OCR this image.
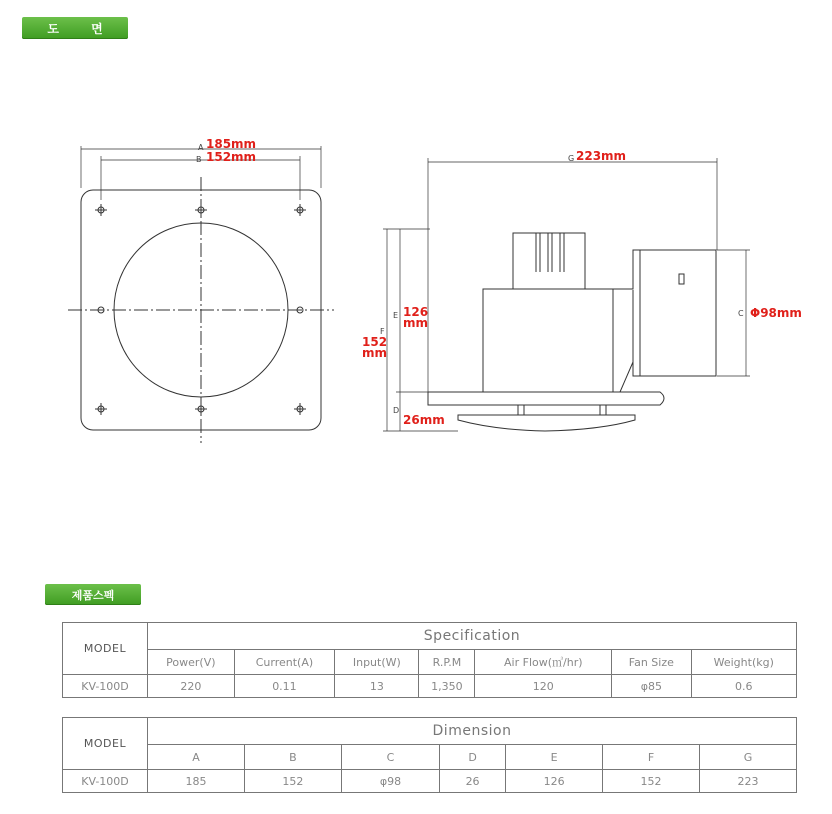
도 면
A 185mm
B 152mm	G 223mm
C Φ98mm
E 126
mm
F
152
mm
D
26mm
제품스펙
MODEL	Specification						
	Power(V)	Current(A)	Input(W)	R.P.M	Air Flow(㎥/hr)	Fan Size	Weight(kg)
KV-100D	220	0.11	13	1,350	120	φ85	0.6
MODEL	Dimension						
	A	B	C	D	E	F	G
KV-100D	185	152	φ98	26	126	152	223
